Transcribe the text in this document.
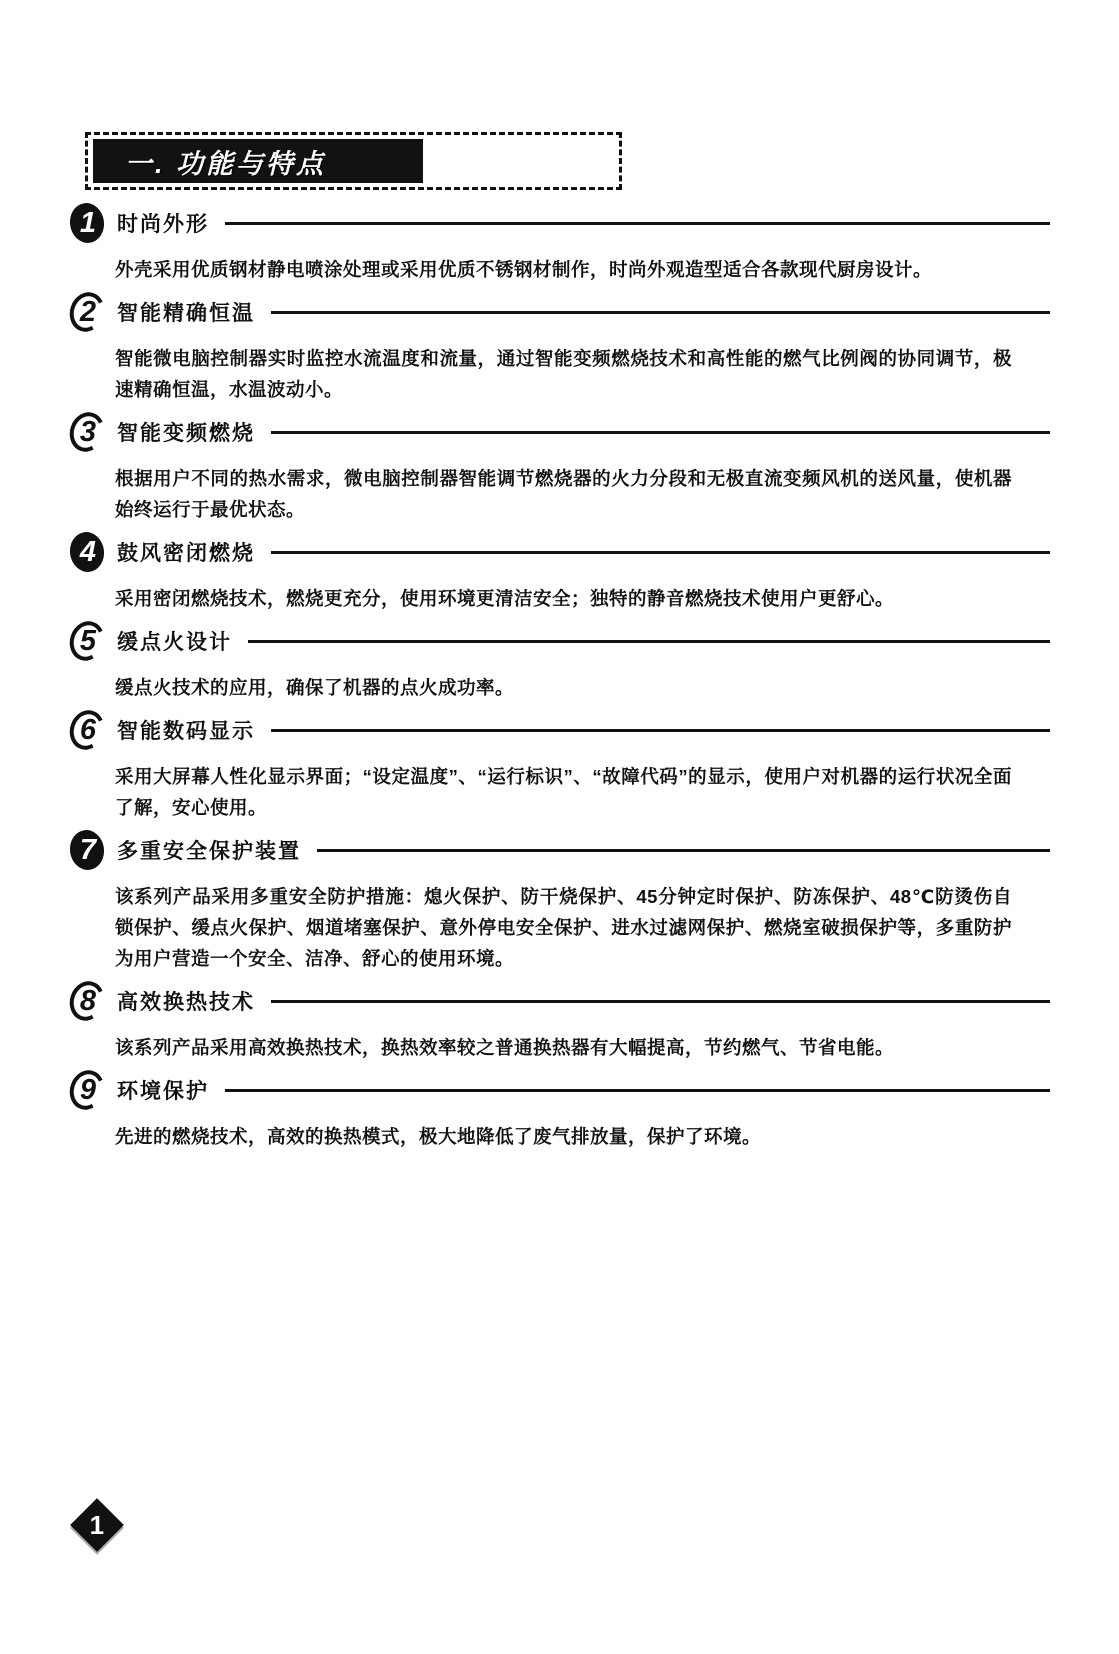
一. 功能与特点
1 时尚外形
外壳采用优质钢材静电喷涂处理或采用优质不锈钢材制作，时尚外观造型适合各款现代厨房设计。
2 智能精确恒温
智能微电脑控制器实时监控水流温度和流量，通过智能变频燃烧技术和高性能的燃气比例阀的协同调节，极速精确恒温，水温波动小。
3 智能变频燃烧
根据用户不同的热水需求，微电脑控制器智能调节燃烧器的火力分段和无极直流变频风机的送风量，使机器始终运行于最优状态。
4 鼓风密闭燃烧
采用密闭燃烧技术，燃烧更充分，使用环境更清洁安全；独特的静音燃烧技术使用户更舒心。
5 缓点火设计
缓点火技术的应用，确保了机器的点火成功率。
6 智能数码显示
采用大屏幕人性化显示界面；“设定温度”、“运行标识”、“故障代码”的显示，使用户对机器的运行状况全面了解，安心使用。
7 多重安全保护装置
该系列产品采用多重安全防护措施：熄火保护、防干烧保护、45分钟定时保护、防冻保护、48℃防烫伤自锁保护、缓点火保护、烟道堵塞保护、意外停电安全保护、进水过滤网保护、燃烧室破损保护等，多重防护为用户营造一个安全、洁净、舒心的使用环境。
8 高效换热技术
该系列产品采用高效换热技术，换热效率较之普通换热器有大幅提高，节约燃气、节省电能。
9 环境保护
先进的燃烧技术，高效的换热模式，极大地降低了废气排放量，保护了环境。
1
